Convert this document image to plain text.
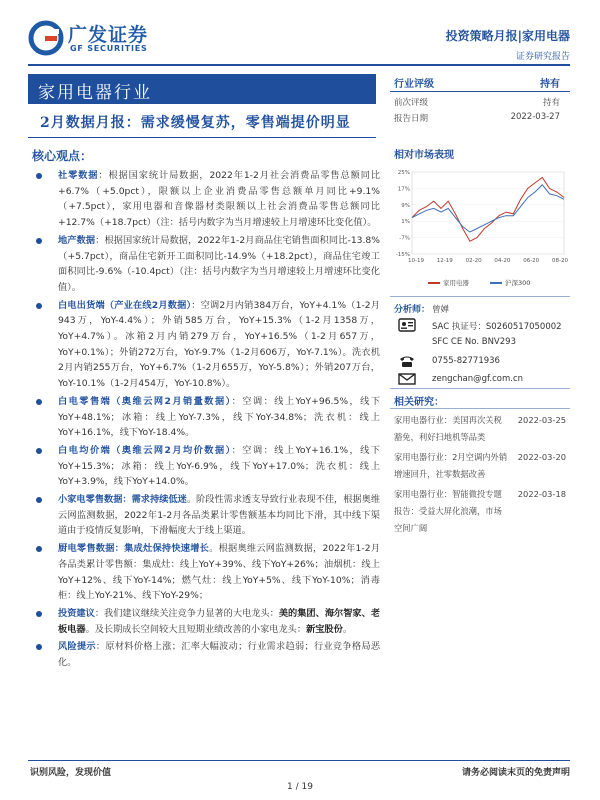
广发证券
GF SECURITIES
投资策略月报|家用电器
证券研究报告
家用电器行业
2月数据月报：需求缓慢复苏，零售端提价明显
核心观点：
社零数据：根据国家统计局数据，2022年1-2月社会消费品零售总额同比+6.7%（+5.0pct），限额以上企业消费品零售总额单月同比+9.1%（+7.5pct），家用电器和音像器材类限额以上社会消费品零售总额同比+12.7%（+18.7pct）（注：括号内数字为当月增速较上月增速环比变化值）。
地产数据：根据国家统计局数据，2022年1-2月商品住宅销售面积同比-13.8%（+5.7pct），商品住宅新开工面积同比-14.9%（+18.2pct），商品住宅竣工面积同比-9.6%（-10.4pct）（注：括号内数字为当月增速较上月增速环比变化值）。
白电出货端（产业在线2月数据）：空调2月内销384万台，YoY+4.1%（1-2月943万，YoY-4.4%）；外销585万台，YoY+15.3%（1-2月1358万，YoY+4.7%）。冰箱2月内销279万台，YoY+16.5%（1-2月657万，YoY+0.1%）；外销272万台，YoY-9.7%（1-2月606万，YoY-7.1%）。洗衣机2月内销255万台，YoY+6.7%（1-2月655万，YoY-5.8%）；外销207万台，YoY-10.1%（1-2月454万，YoY-10.8%）。
白电零售端（奥维云网2月销量数据）：空调：线上YoY+96.5%，线下YoY+48.1%；冰箱：线上YoY-7.3%，线下YoY-34.8%；洗衣机：线上YoY+16.1%，线下YoY-18.4%。
白电均价端（奥维云网2月均价数据）：空调：线上YoY+16.1%，线下YoY+15.3%；冰箱：线上YoY-6.9%，线下YoY+17.0%；洗衣机：线上YoY+3.9%，线下YoY+14.0%。
小家电零售数据：需求持续低迷。阶段性需求透支导致行业表现不佳，根据奥维云网监测数据，2022年1-2月各品类累计零售额基本均同比下滑，其中线下渠道由于疫情反复影响，下滑幅度大于线上渠道。
厨电零售数据：集成灶保持快速增长。根据奥维云网监测数据，2022年1-2月各品类累计零售额：集成灶：线上YoY+39%、线下YoY+26%；油烟机：线上YoY+12%、线下YoY-14%；燃气灶：线上YoY+5%、线下YoY-10%；消毒柜：线上YoY-21%、线下YoY-29%；
投资建议：我们建议继续关注竞争力显著的大电龙头：美的集团、海尔智家、老板电器。及长期成长空间较大且短期业绩改善的小家电龙头：新宝股份。
风险提示：原材料价格上涨；汇率大幅波动；行业需求趋弱；行业竞争格局恶化。
行业评级	持有
前次评级	持有
报告日期	2022-03-27
相对市场表现
25%
17%
9%
1%
-7%
-15%
10-19 12-19 02-20 04-20 06-20 08-20
家用电器	沪深300
分析师： 曾婵
SAC 执证号：S0260517050002
SFC CE No. BNV293
0755-82771936
zengchan@gf.com.cn
相关研究：
家用电器行业：美国再次关税豁免，利好扫地机等品类
2022-03-25
家用电器行业：2月空调内外销增速回升，社零数据改善
2022-03-20
家用电器行业：智能微投专题报告：受益大屏化浪潮，市场空间广阔
2022-03-18
识别风险，发现价值	请务必阅读末页的免责声明
1 / 19
